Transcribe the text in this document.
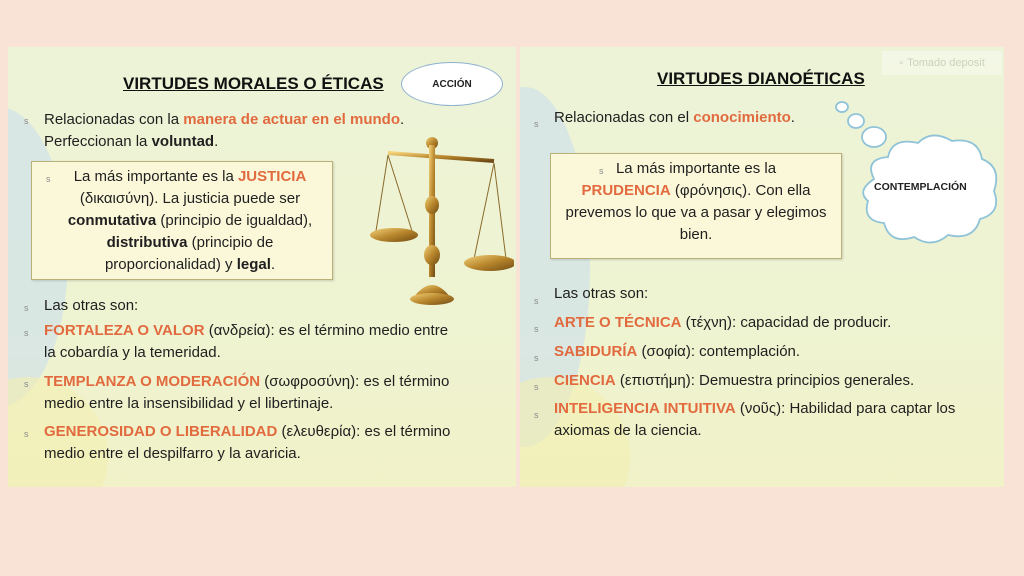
VIRTUDES MORALES O ÉTICAS	ACCIÓN
s Relacionadas con la manera de actuar en el mundo.
Perfeccionan la voluntad.
s	La más importante es la JUSTICIA
(δικαισύνη). La justicia puede ser
conmutativa (principio de igualdad),
distributiva (principio de
proporcionalidad) y legal.
s Las otras son:
s FORTALEZA O VALOR (ανδρεία): es el término medio entre
la cobardía y la temeridad.
s TEMPLANZA O MODERACIÓN (σωφροσύνη): es el término
medio entre la insensibilidad y el libertinaje.
s GENEROSIDAD O LIBERALIDAD (ελευθερία): es el término
medio entre el despilfarro y la avaricia.
VIRTUDES DIANOÉTICAS
▫ Tomado deposit
CONTEMPLACIÓN
s Relacionadas con el conocimiento.
s La más importante es la
PRUDENCIA (φρόνησις). Con ella
prevemos lo que va a pasar y elegimos
bien.
s Las otras son:
s ARTE O TÉCNICA (τέχνη): capacidad de producir.
s SABIDURÍA (σοφία): contemplación.
s CIENCIA (επιστήμη): Demuestra principios generales.
s INTELIGENCIA INTUITIVA (νοῦς): Habilidad para captar los
axiomas de la ciencia.
